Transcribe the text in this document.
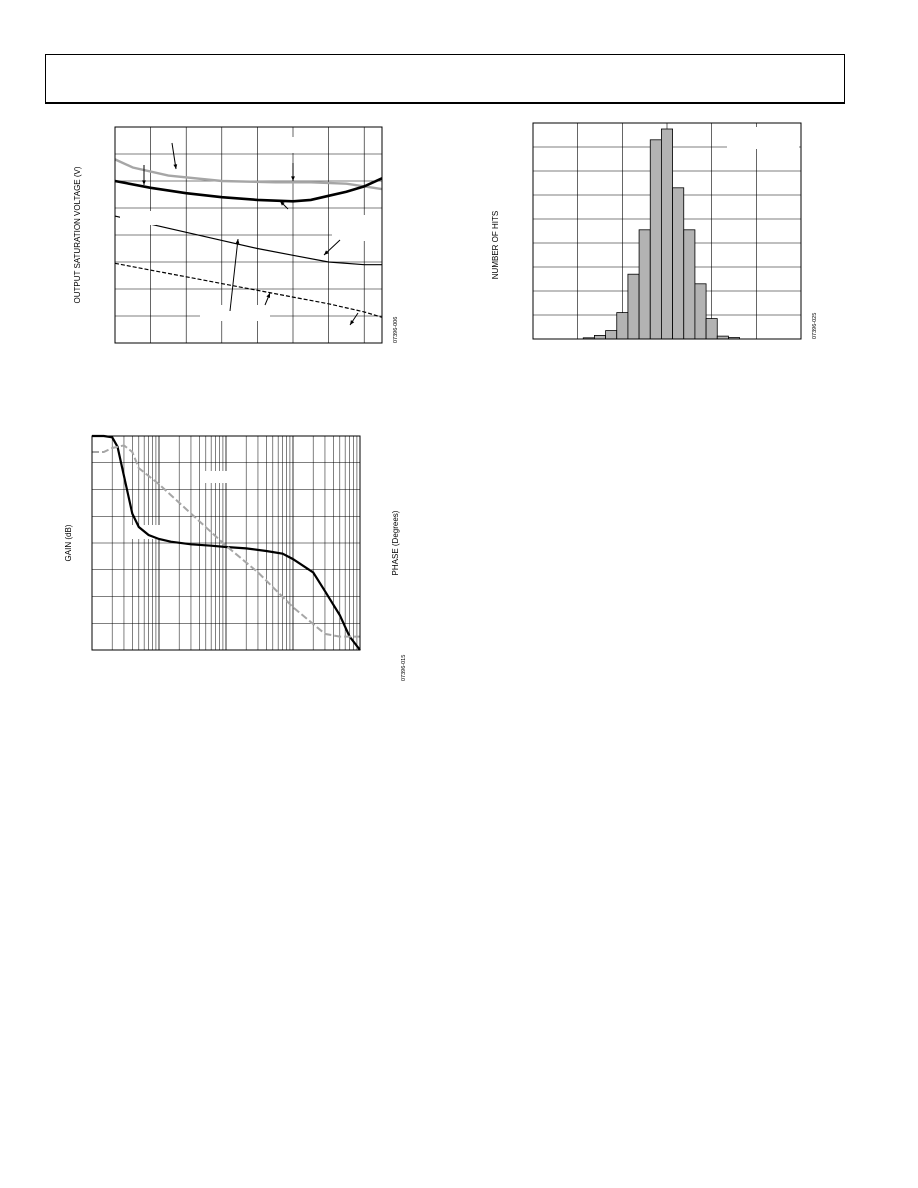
OUTPUT SATURATION VOLTAGE (V)
07396-006
NUMBER OF HITS
07396-025
GAIN (dB)	PHASE (Degrees)
07396-015
